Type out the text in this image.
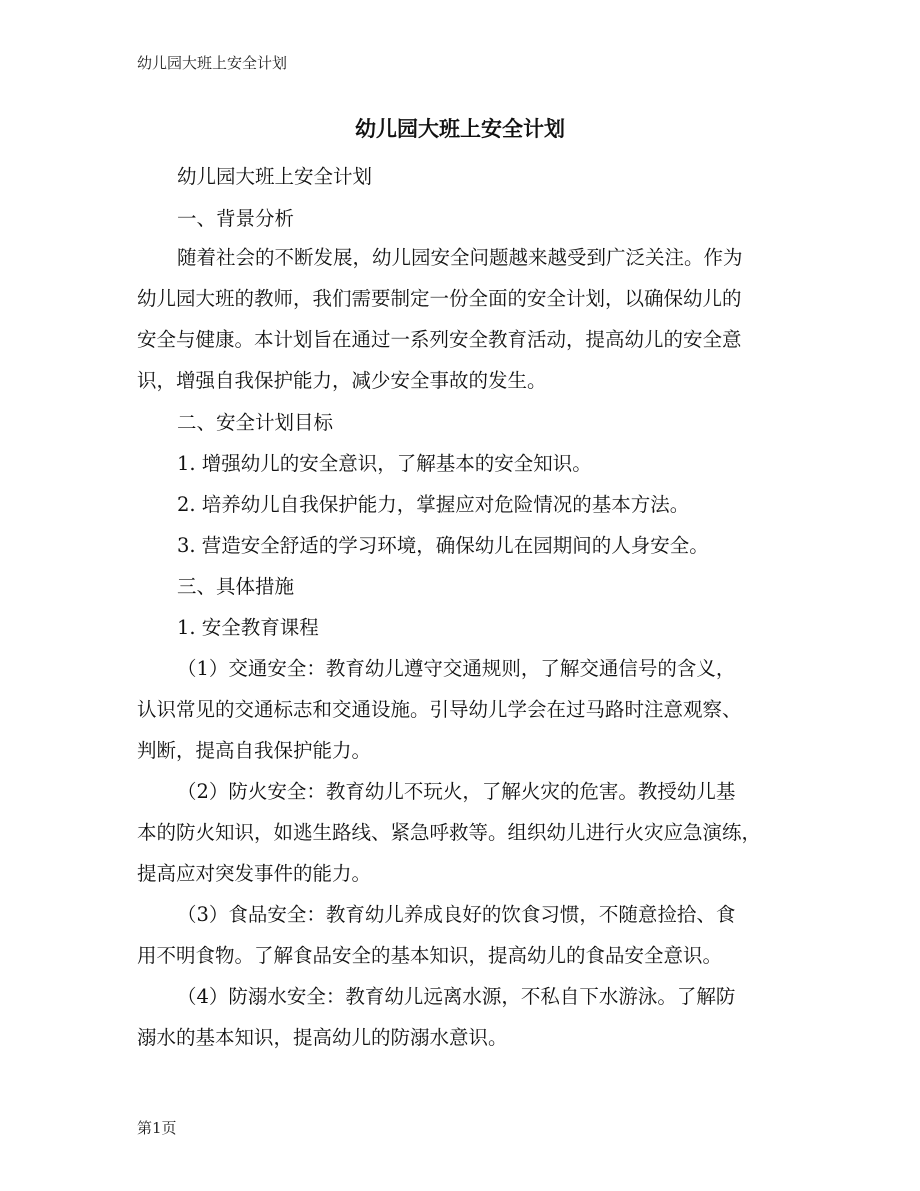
幼儿园大班上安全计划
幼儿园大班上安全计划
幼儿园大班上安全计划
一、背景分析
随着社会的不断发展，幼儿园安全问题越来越受到广泛关注。作为
幼儿园大班的教师，我们需要制定一份全面的安全计划，以确保幼儿的
安全与健康。本计划旨在通过一系列安全教育活动，提高幼儿的安全意
识，增强自我保护能力，减少安全事故的发生。
二、安全计划目标
1. 增强幼儿的安全意识，了解基本的安全知识。
2. 培养幼儿自我保护能力，掌握应对危险情况的基本方法。
3. 营造安全舒适的学习环境，确保幼儿在园期间的人身安全。
三、具体措施
1. 安全教育课程
（1）交通安全：教育幼儿遵守交通规则，了解交通信号的含义，
认识常见的交通标志和交通设施。引导幼儿学会在过马路时注意观察、
判断，提高自我保护能力。
（2）防火安全：教育幼儿不玩火，了解火灾的危害。教授幼儿基
本的防火知识，如逃生路线、紧急呼救等。组织幼儿进行火灾应急演练，
提高应对突发事件的能力。
（3）食品安全：教育幼儿养成良好的饮食习惯，不随意捡拾、食
用不明食物。了解食品安全的基本知识，提高幼儿的食品安全意识。
（4）防溺水安全：教育幼儿远离水源，不私自下水游泳。了解防
溺水的基本知识，提高幼儿的防溺水意识。
第1页
